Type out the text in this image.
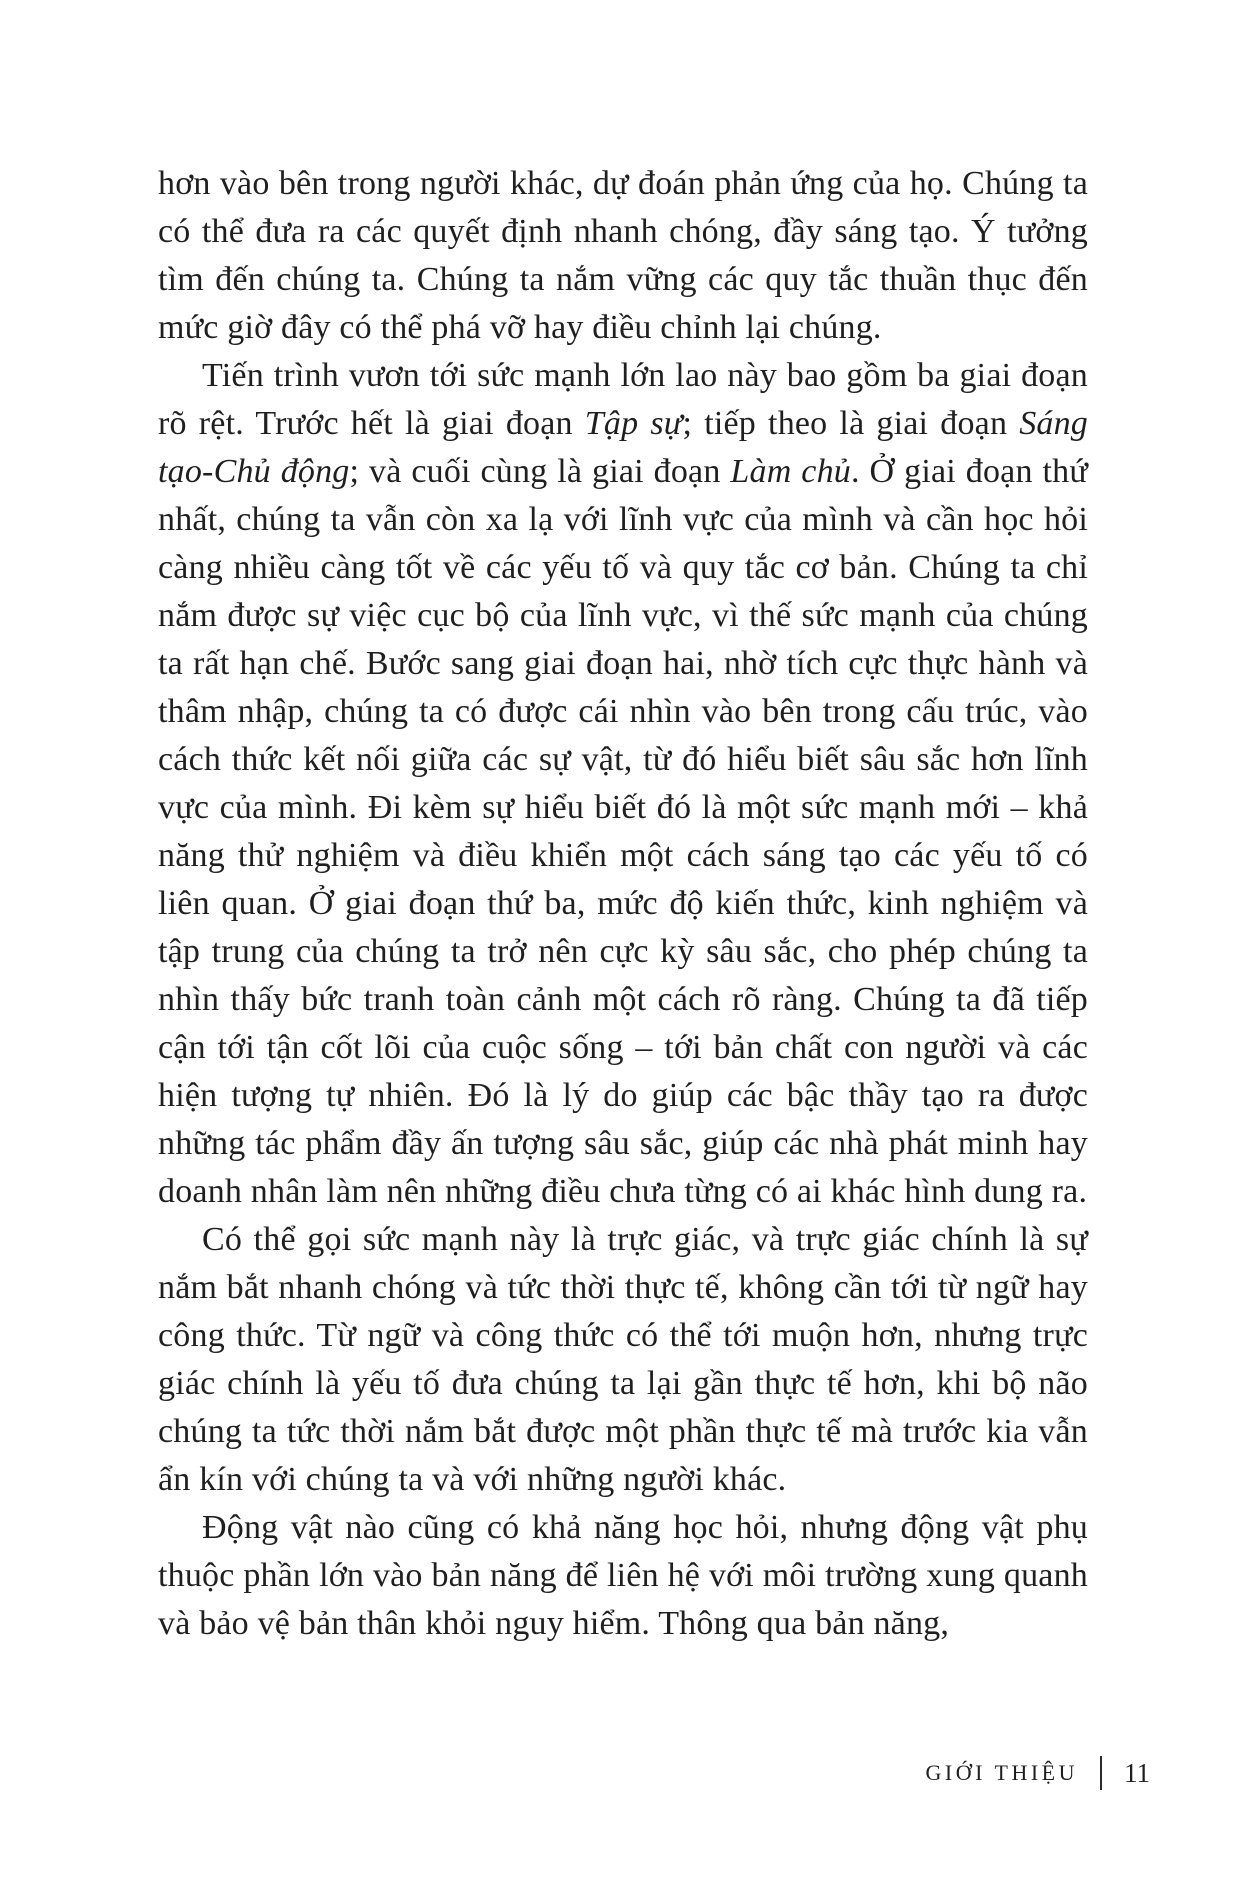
hơn vào bên trong người khác, dự đoán phản ứng của họ. Chúng ta có thể đưa ra các quyết định nhanh chóng, đầy sáng tạo. Ý tưởng tìm đến chúng ta. Chúng ta nắm vững các quy tắc thuần thục đến mức giờ đây có thể phá vỡ hay điều chỉnh lại chúng.

Tiến trình vươn tới sức mạnh lớn lao này bao gồm ba giai đoạn rõ rệt. Trước hết là giai đoạn Tập sự; tiếp theo là giai đoạn Sáng tạo-Chủ động; và cuối cùng là giai đoạn Làm chủ. Ở giai đoạn thứ nhất, chúng ta vẫn còn xa lạ với lĩnh vực của mình và cần học hỏi càng nhiều càng tốt về các yếu tố và quy tắc cơ bản. Chúng ta chỉ nắm được sự việc cục bộ của lĩnh vực, vì thế sức mạnh của chúng ta rất hạn chế. Bước sang giai đoạn hai, nhờ tích cực thực hành và thâm nhập, chúng ta có được cái nhìn vào bên trong cấu trúc, vào cách thức kết nối giữa các sự vật, từ đó hiểu biết sâu sắc hơn lĩnh vực của mình. Đi kèm sự hiểu biết đó là một sức mạnh mới – khả năng thử nghiệm và điều khiển một cách sáng tạo các yếu tố có liên quan. Ở giai đoạn thứ ba, mức độ kiến thức, kinh nghiệm và tập trung của chúng ta trở nên cực kỳ sâu sắc, cho phép chúng ta nhìn thấy bức tranh toàn cảnh một cách rõ ràng. Chúng ta đã tiếp cận tới tận cốt lõi của cuộc sống – tới bản chất con người và các hiện tượng tự nhiên. Đó là lý do giúp các bậc thầy tạo ra được những tác phẩm đầy ấn tượng sâu sắc, giúp các nhà phát minh hay doanh nhân làm nên những điều chưa từng có ai khác hình dung ra.

Có thể gọi sức mạnh này là trực giác, và trực giác chính là sự nắm bắt nhanh chóng và tức thời thực tế, không cần tới từ ngữ hay công thức. Từ ngữ và công thức có thể tới muộn hơn, nhưng trực giác chính là yếu tố đưa chúng ta lại gần thực tế hơn, khi bộ não chúng ta tức thời nắm bắt được một phần thực tế mà trước kia vẫn ẩn kín với chúng ta và với những người khác.

Động vật nào cũng có khả năng học hỏi, nhưng động vật phụ thuộc phần lớn vào bản năng để liên hệ với môi trường xung quanh và bảo vệ bản thân khỏi nguy hiểm. Thông qua bản năng,

GIỚI THIỆU 11
